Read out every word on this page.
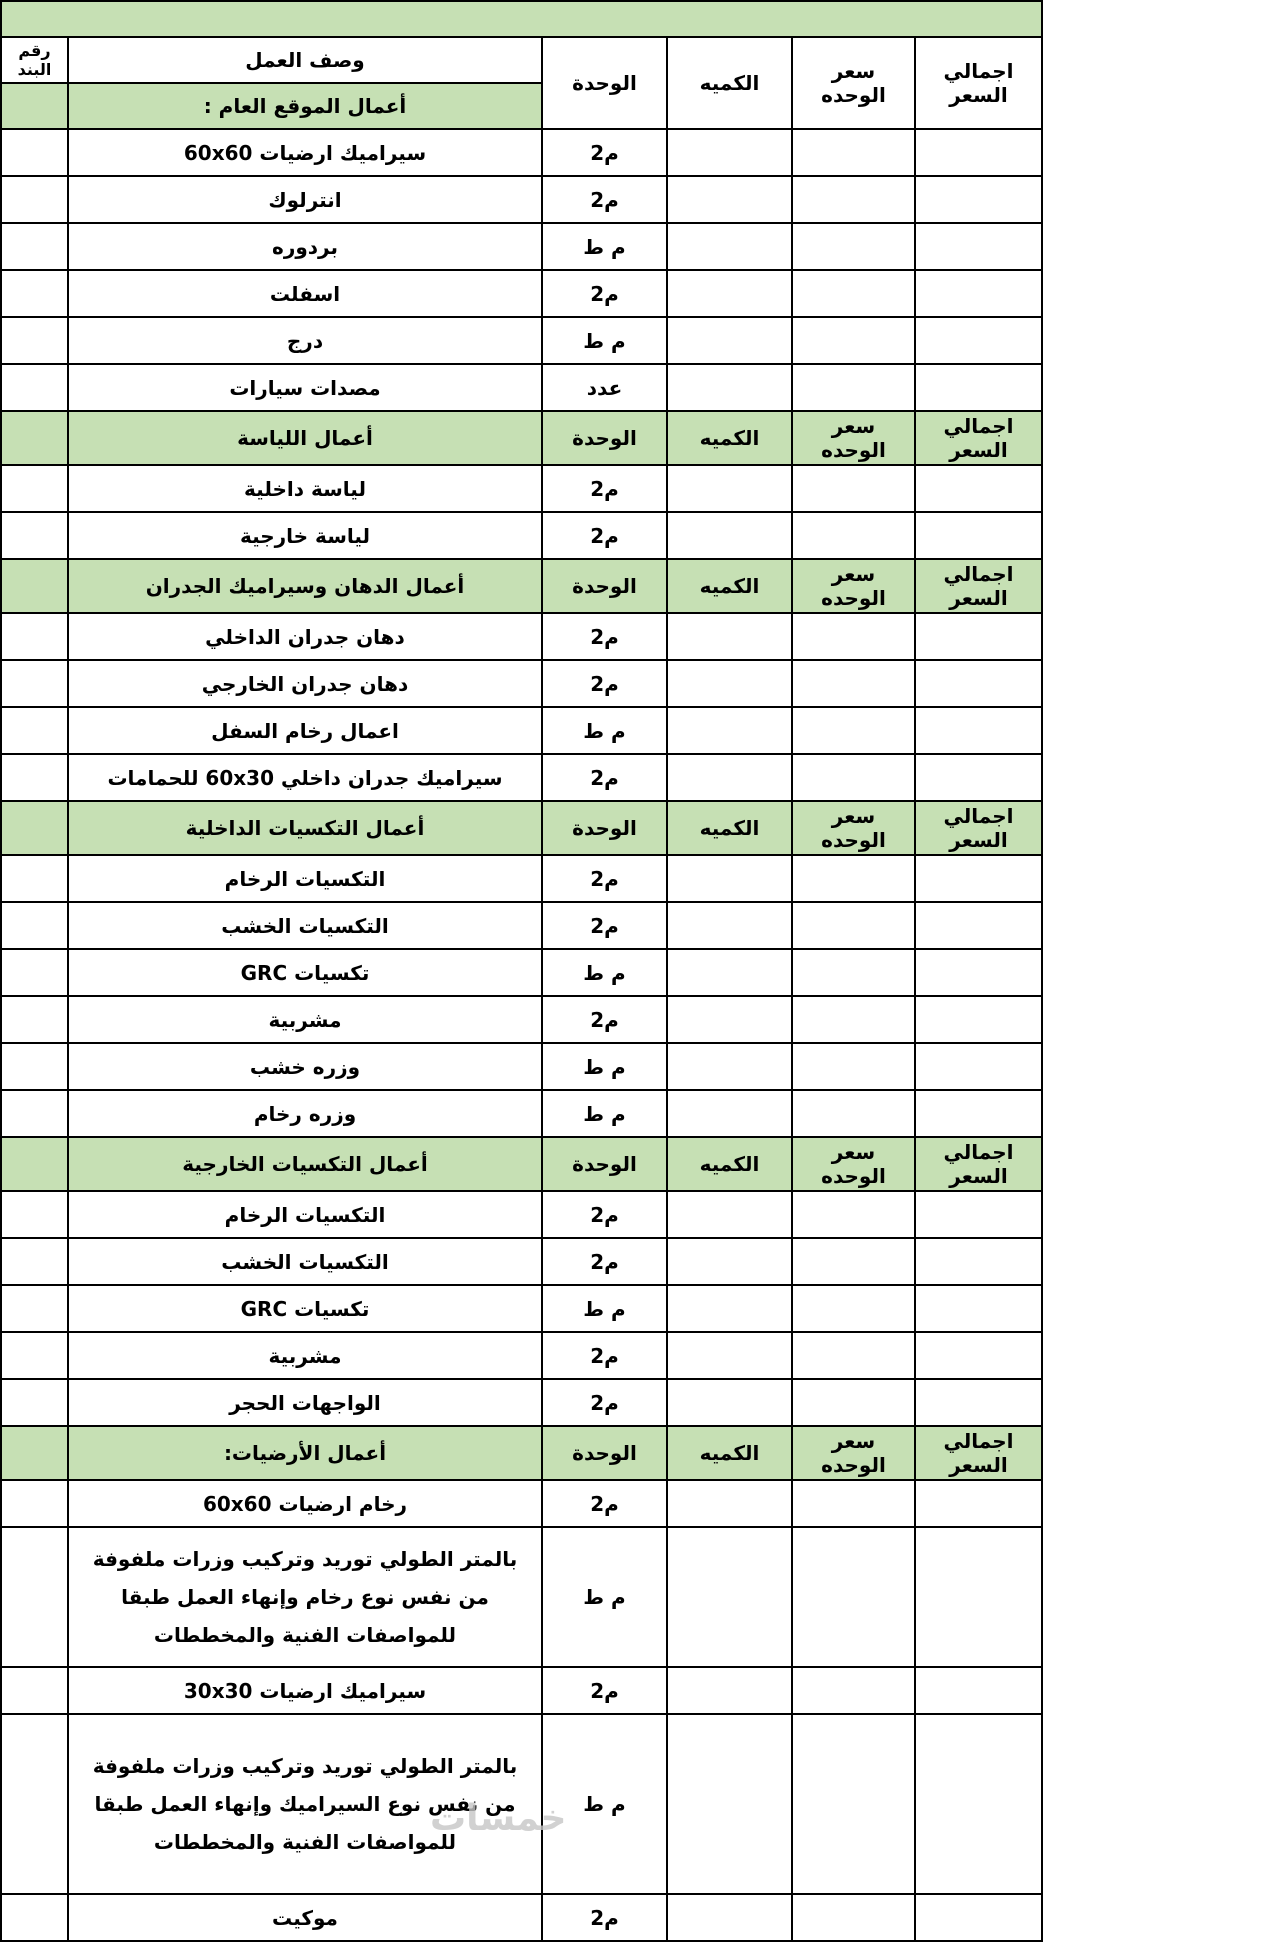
رقم البند	وصف العمل	الوحدة	الكميه	سعر الوحده	اجمالي السعر
	أعمال الموقع العام :				
	سيراميك ارضيات 60x60	م2			
	انترلوك	م2			
	بردوره	م ط			
	اسفلت	م2			
	درج	م ط			
	مصدات سيارات	عدد			
	أعمال اللياسة	الوحدة	الكميه	سعر الوحده	اجمالي السعر
	لياسة داخلية	م2			
	لياسة خارجية	م2			
	أعمال الدهان وسيراميك الجدران	الوحدة	الكميه	سعر الوحده	اجمالي السعر
	دهان جدران الداخلي	م2			
	دهان جدران الخارجي	م2			
	اعمال رخام السفل	م ط			
	سيراميك جدران داخلي 60x30 للحمامات	م2			
	أعمال التكسيات الداخلية	الوحدة	الكميه	سعر الوحده	اجمالي السعر
	التكسيات الرخام	م2			
	التكسيات الخشب	م2			
	تكسيات GRC	م ط			
	مشربية	م2			
	وزره خشب	م ط			
	وزره رخام	م ط			
	أعمال التكسيات الخارجية	الوحدة	الكميه	سعر الوحده	اجمالي السعر
	التكسيات الرخام	م2			
	التكسيات الخشب	م2			
	تكسيات GRC	م ط			
	مشربية	م2			
	الواجهات الحجر	م2			
	أعمال الأرضيات:	الوحدة	الكميه	سعر الوحده	اجمالي السعر
	رخام ارضيات 60x60	م2			
	بالمتر الطولي توريد وتركيب وزرات ملفوفة من نفس نوع رخام وإنهاء العمل طبقا للمواصفات الفنية والمخططات	م ط			
	سيراميك ارضيات 30x30	م2			
	بالمتر الطولي توريد وتركيب وزرات ملفوفة من نفس نوع السيراميك وإنهاء العمل طبقا للمواصفات الفنية والمخططات	م ط			
	موكيت	م2			
خمسات
